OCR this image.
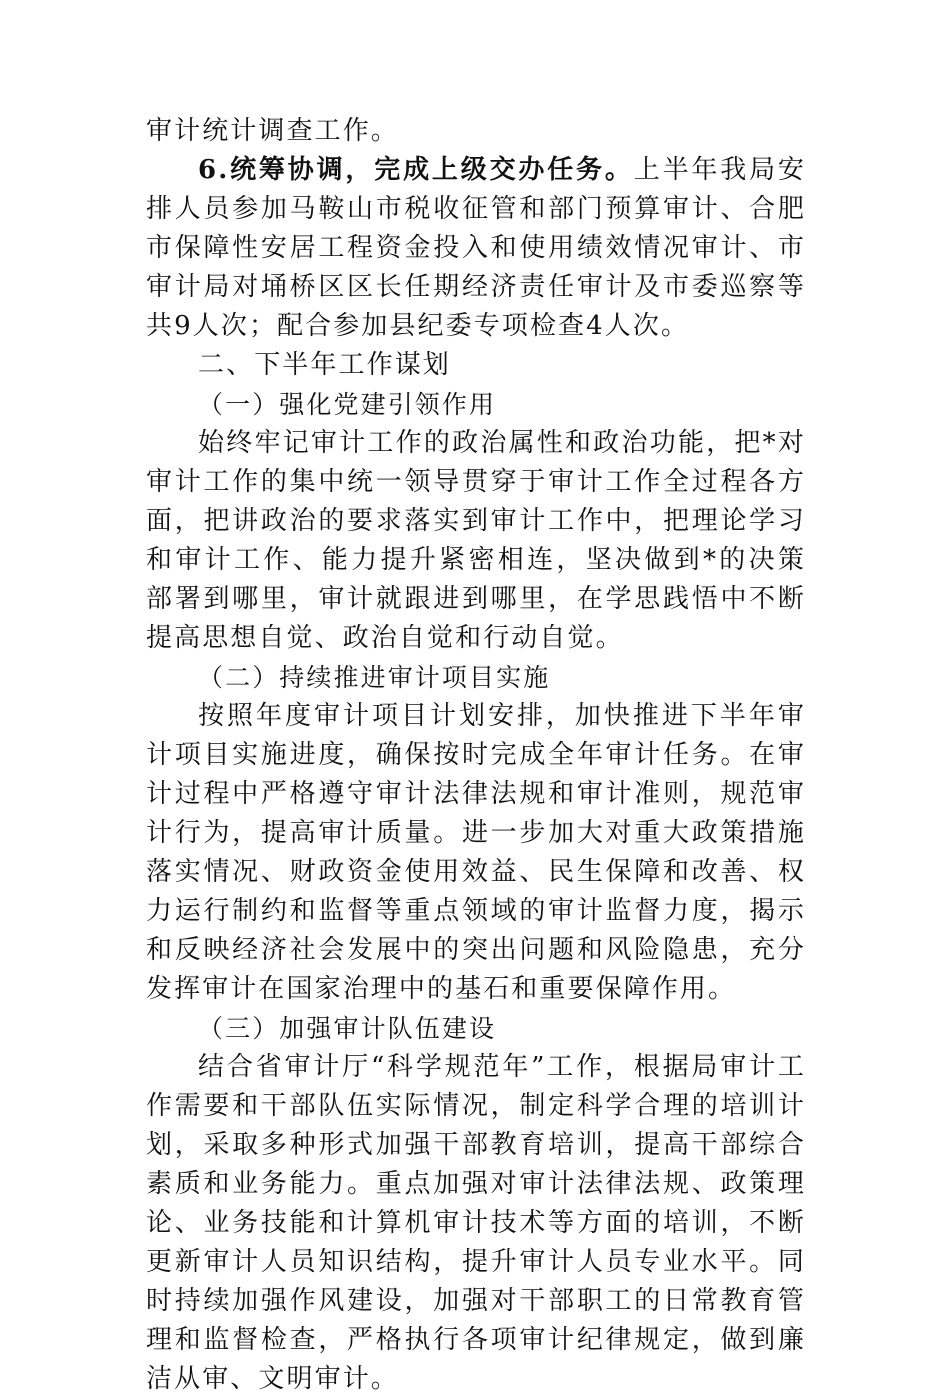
审计统计调查工作。

6.统筹协调，完成上级交办任务。上半年我局安排人员参加马鞍山市税收征管和部门预算审计、合肥市保障性安居工程资金投入和使用绩效情况审计、市审计局对埇桥区区长任期经济责任审计及市委巡察等共9人次；配合参加县纪委专项检查4人次。

二、下半年工作谋划

（一）强化党建引领作用

始终牢记审计工作的政治属性和政治功能，把*对审计工作的集中统一领导贯穿于审计工作全过程各方面，把讲政治的要求落实到审计工作中，把理论学习和审计工作、能力提升紧密相连，坚决做到*的决策部署到哪里，审计就跟进到哪里，在学思践悟中不断提高思想自觉、政治自觉和行动自觉。

（二）持续推进审计项目实施

按照年度审计项目计划安排，加快推进下半年审计项目实施进度，确保按时完成全年审计任务。在审计过程中严格遵守审计法律法规和审计准则，规范审计行为，提高审计质量。进一步加大对重大政策措施落实情况、财政资金使用效益、民生保障和改善、权力运行制约和监督等重点领域的审计监督力度，揭示和反映经济社会发展中的突出问题和风险隐患，充分发挥审计在国家治理中的基石和重要保障作用。

（三）加强审计队伍建设

结合省审计厅“科学规范年”工作，根据局审计工作需要和干部队伍实际情况，制定科学合理的培训计划，采取多种形式加强干部教育培训，提高干部综合素质和业务能力。重点加强对审计法律法规、政策理论、业务技能和计算机审计技术等方面的培训，不断更新审计人员知识结构，提升审计人员专业水平。同时持续加强作风建设，加强对干部职工的日常教育管理和监督检查，严格执行各项审计纪律规定，做到廉洁从审、文明审计。
